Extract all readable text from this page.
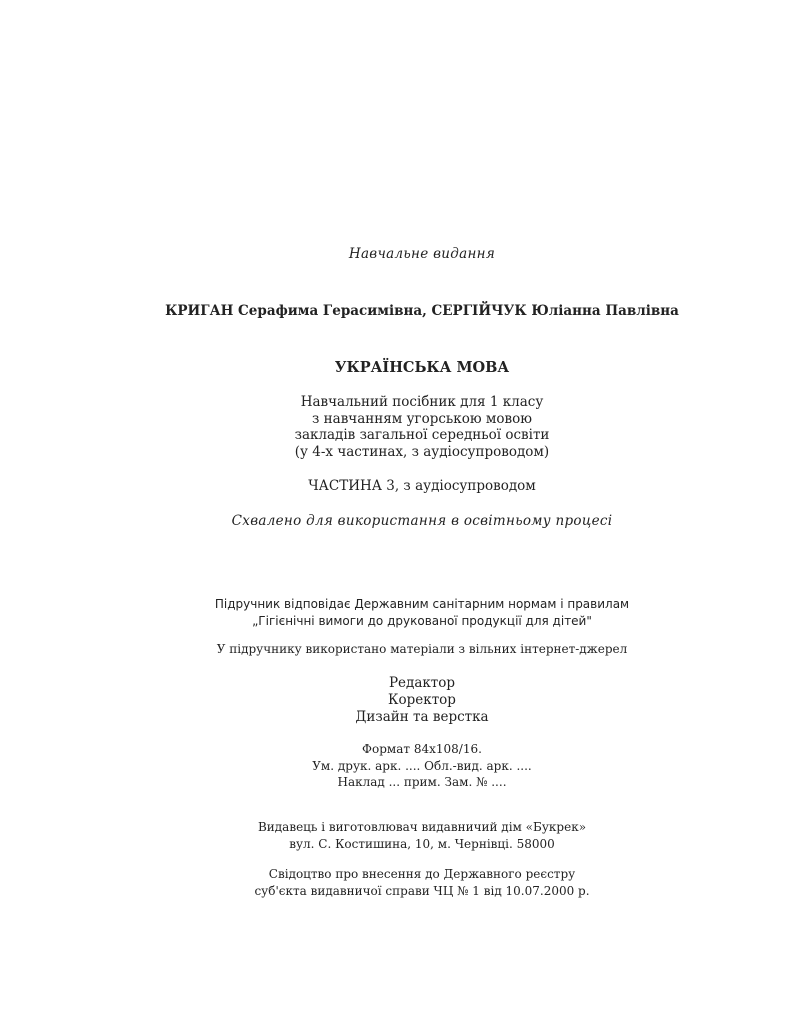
Навчальне видання
КРИГАН Серафима Герасимівна, СЕРГІЙЧУК Юліанна Павлівна
УКРАЇНСЬКА МОВА
Навчальний посібник для 1 класу
з навчанням угорською мовою
закладів загальної середньої освіти
(у 4-х частинах, з аудіосупроводом)
ЧАСТИНА 3, з аудіосупроводом
Схвалено для використання в освітньому процесі
Підручник відповідає Державним санітарним нормам і правилам
„Гігієнічні вимоги до друкованої продукції для дітей"
У підручнику використано матеріали з вільних інтернет-джерел
Редактор
Коректор
Дизайн та верстка
Формат 84x108/16.
Ум. друк. арк. .... Обл.-вид. арк. ....
Наклад ... прим. Зам. № ....
Видавець і виготовлювач видавничий дім «Букрек»
вул. С. Костишина, 10, м. Чернівці. 58000
Свідоцтво про внесення до Державного реєстру
суб'єкта видавничої справи ЧЦ № 1 від 10.07.2000 р.
